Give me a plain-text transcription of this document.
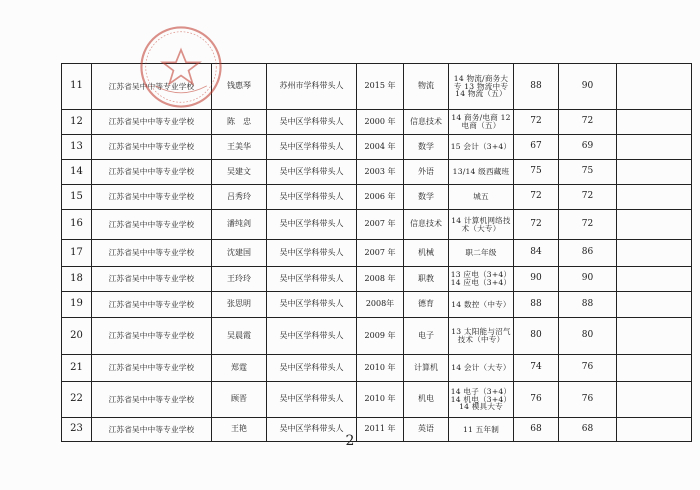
11	江苏省吴中中等专业学校	钱惠琴	苏州市学科带头人	2015 年	物流	14 物流/商务大专 13 物流中专 14 物流（五）	88	90	
12	江苏省吴中中等专业学校	陈　忠	吴中区学科带头人	2000 年	信息技术	14 商务/电商 12 电商（五）	72	72	
13	江苏省吴中中等专业学校	王美华	吴中区学科带头人	2004 年	数学	15 会计（3+4）	67	69	
14	江苏省吴中中等专业学校	吴建文	吴中区学科带头人	2003 年	外语	13/14 级西藏班	75	75	
15	江苏省吴中中等专业学校	吕秀玲	吴中区学科带头人	2006 年	数学	城五	72	72	
16	江苏省吴中中等专业学校	潘纯剑	吴中区学科带头人	2007 年	信息技术	14 计算机网络技术（大专）	72	72	
17	江苏省吴中中等专业学校	沈建国	吴中区学科带头人	2007 年	机械	职二年级	84	86	
18	江苏省吴中中等专业学校	王玲玲	吴中区学科带头人	2008 年	职教	13 应电（3+4） 14 应电（3+4）	90	90	
19	江苏省吴中中等专业学校	张思明	吴中区学科带头人	2008年	德育	14 数控（中专）	88	88	
20	江苏省吴中中等专业学校	吴晨霞	吴中区学科带头人	2009 年	电子	13 太阳能与沼气技术（中专）	80	80	
21	江苏省吴中中等专业学校	郑霆	吴中区学科带头人	2010 年	计算机	14 会计（大专）	74	76	
22	江苏省吴中中等专业学校	顾晋	吴中区学科带头人	2010 年	机电	14 电子（3+4） 14 机电（3+4） 14 模具大专	76	76	
23	江苏省吴中中等专业学校	王艳	吴中区学科带头人	2011 年	英语	11 五年制	68	68	
2
